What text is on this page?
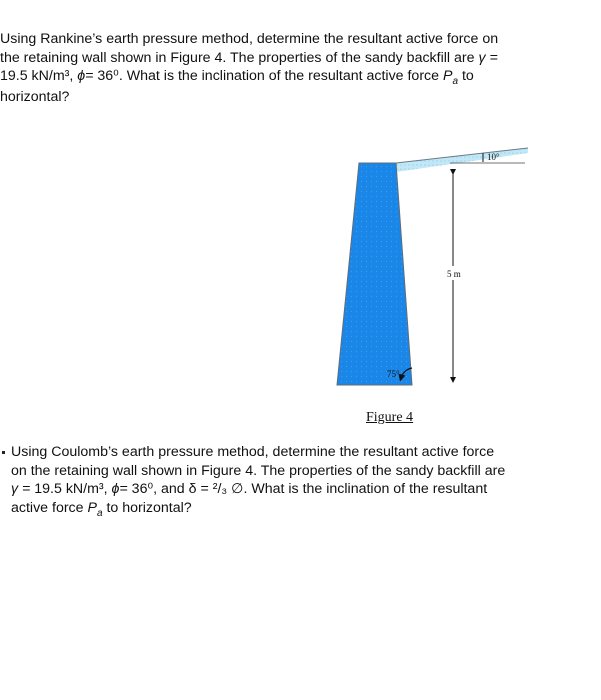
Using Rankine’s earth pressure method, determine the resultant active force on
the retaining wall shown in Figure 4. The properties of the sandy backfill are γ =
19.5 kN/m³, ϕ= 36⁰. What is the inclination of the resultant active force $P_a$ to
horizontal?
75°
10°
5 m
Figure 4
Using Coulomb’s earth pressure method, determine the resultant active force
on the retaining wall shown in Figure 4. The properties of the sandy backfill are
γ = 19.5 kN/m³, ϕ= 36⁰, and δ = ²/₃ ∅. What is the inclination of the resultant
active force $P_a$ to horizontal?
